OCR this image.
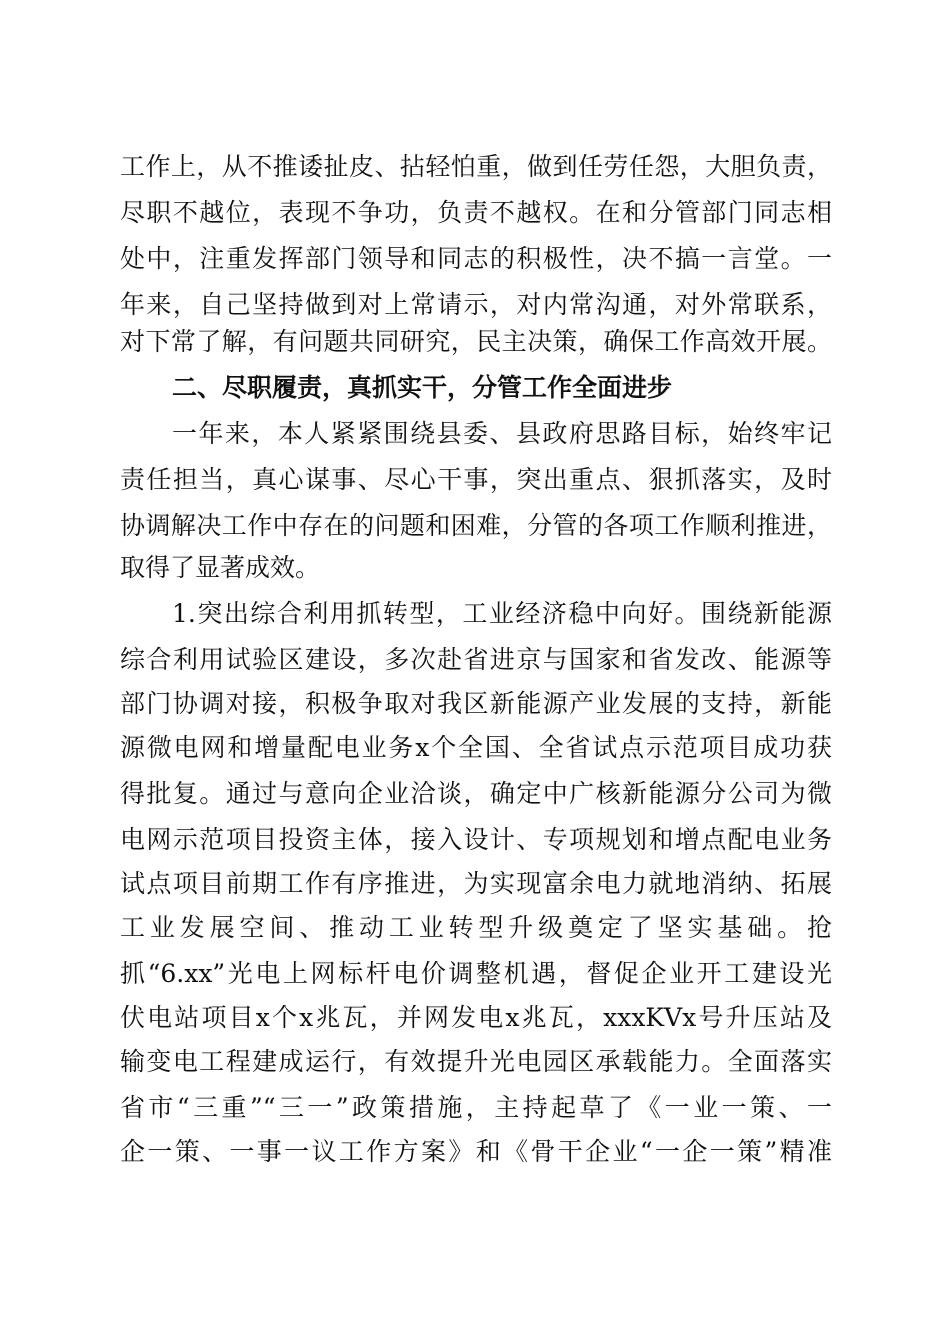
工作上，从不推诿扯皮、拈轻怕重，做到任劳任怨，大胆负责，
尽职不越位，表现不争功，负责不越权。在和分管部门同志相
处中，注重发挥部门领导和同志的积极性，决不搞一言堂。一
年来，自己坚持做到对上常请示，对内常沟通，对外常联系，
对下常了解，有问题共同研究，民主决策，确保工作高效开展。
二、尽职履责，真抓实干，分管工作全面进步
一年来，本人紧紧围绕县委、县政府思路目标，始终牢记
责任担当，真心谋事、尽心干事，突出重点、狠抓落实，及时
协调解决工作中存在的问题和困难，分管的各项工作顺利推进，
取得了显著成效。
1.突出综合利用抓转型，工业经济稳中向好。围绕新能源
综合利用试验区建设，多次赴省进京与国家和省发改、能源等
部门协调对接，积极争取对我区新能源产业发展的支持，新能
源微电网和增量配电业务x个全国、全省试点示范项目成功获
得批复。通过与意向企业洽谈，确定中广核新能源分公司为微
电网示范项目投资主体，接入设计、专项规划和增点配电业务
试点项目前期工作有序推进，为实现富余电力就地消纳、拓展
工业发展空间、推动工业转型升级奠定了坚实基础。抢
抓“6.xx”光电上网标杆电价调整机遇，督促企业开工建设光
伏电站项目x个x兆瓦，并网发电x兆瓦，xxxKVx号升压站及
输变电工程建成运行，有效提升光电园区承载能力。全面落实
省市“三重”“三一”政策措施，主持起草了《一业一策、一
企一策、一事一议工作方案》和《骨干企业“一企一策”精准
